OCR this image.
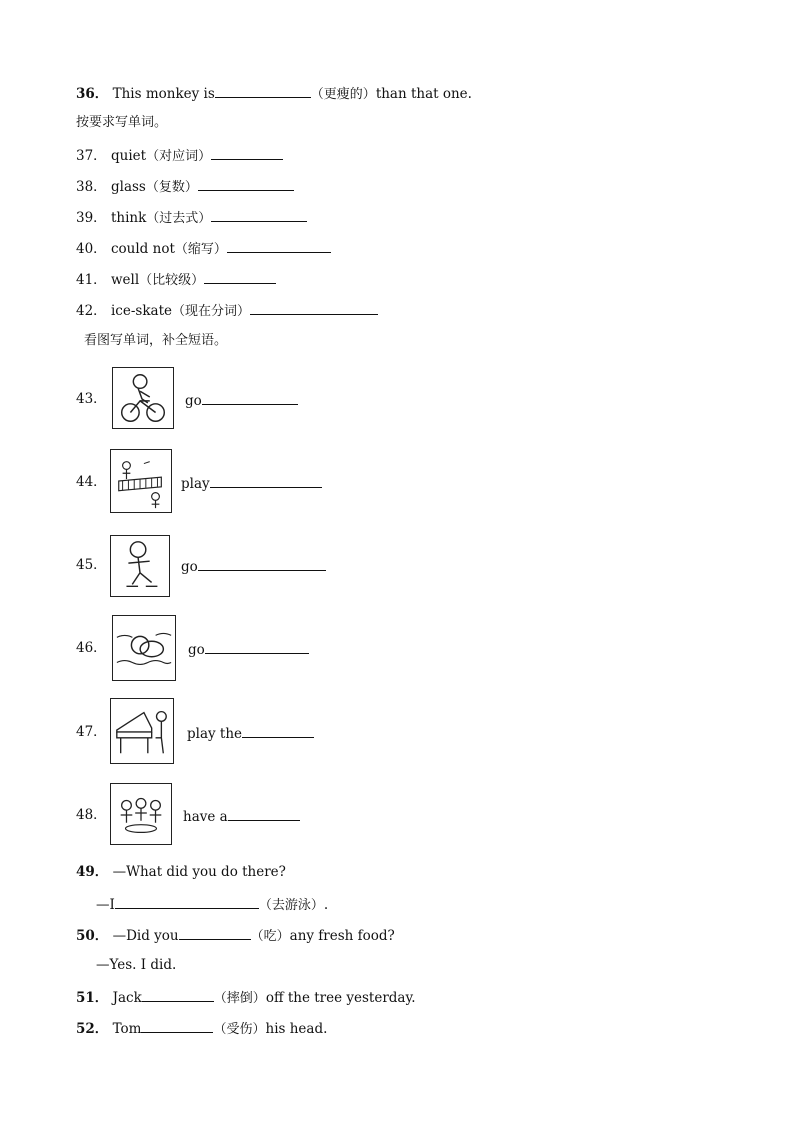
36． This monkey is	（更瘦的）than that one.
按要求写单词。
37． quiet（对应词）
38． glass（复数）
39． think（过去式）
40． could not（缩写）
41． well（比较级）
42． ice-skate（现在分词）
看图写单词，补全短语。
43．	go
44．	play
45．	go
46．	go
47．	play the
48．	have a
49． —What did you do there?
—I	（去游泳）.
50． —Did you	（吃）any fresh food?
—Yes. I did.
51． Jack	（摔倒）off the tree yesterday.
52． Tom	（受伤）his head.
